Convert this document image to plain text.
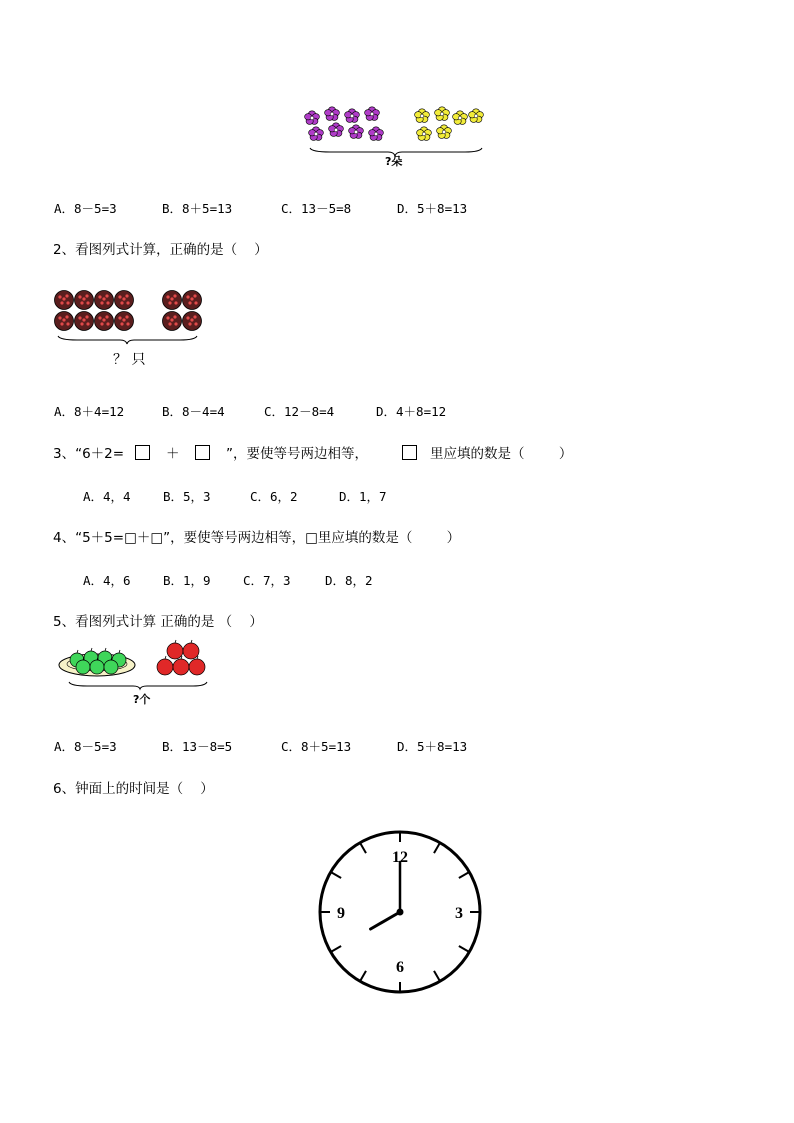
?朵
A．8－5=3	B．8＋5=13	C．13－5=8	D．5＋8=13
2、看图列式计算，正确的是（    ）
？ 只
A．8＋4=12	B．8－4=4	C．12－8=4	D．4＋8=12
3、“6＋2=	＋	”，要使等号两边相等，	里应填的数是（        ）
A．4，4	B．5，3	C．6，2	D．1，7
4、“5＋5=□＋□”，要使等号两边相等，□里应填的数是（        ）
A．4，6	B．1，9	C．7，3	D．8，2
5、看图列式计算 正确的是 （    ）
?个
A．8－5=3	B．13－8=5	C．8＋5=13	D．5＋8=13
6、钟面上的时间是（    ）
12
3
6
9
